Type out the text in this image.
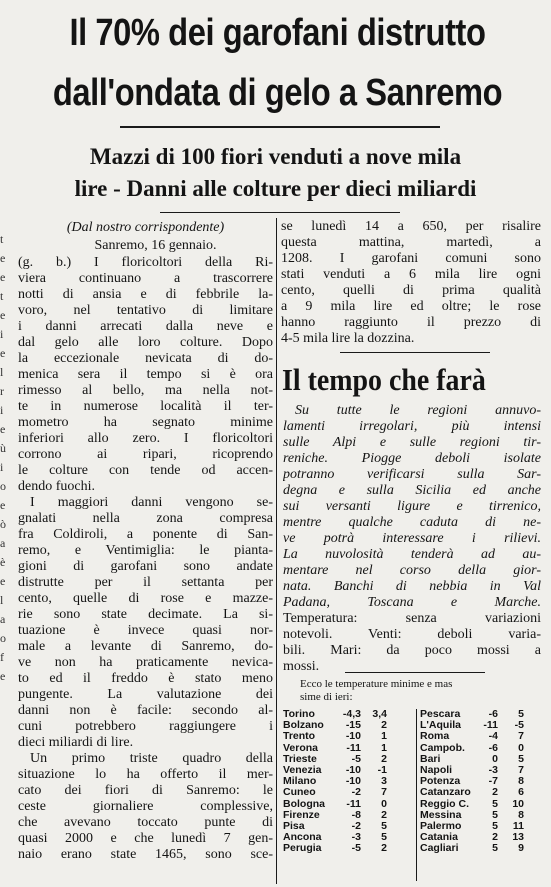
Il 70% dei garofani distrutto
dall'ondata di gelo a Sanremo
Mazzi di 100 fiori venduti a nove mila
lire - Danni alle colture per dieci miliardi
t
e
e
t
e
i
e
l
r
i
e
ù
i
o
e
ò
a
è
e
l
a
o
f
e
(Dal nostro corrispondente)
Sanremo, 16 gennaio.
(g. b.) I floricoltori della Ri-
viera continuano a trascorrere
notti di ansia e di febbrile la-
voro, nel tentativo di limitare
i danni arrecati dalla neve e
dal gelo alle loro colture. Dopo
la eccezionale nevicata di do-
menica sera il tempo si è ora
rimesso al bello, ma nella not-
te in numerose località il ter-
mometro ha segnato minime
inferiori allo zero. I floricoltori
corrono ai ripari, ricoprendo
le colture con tende od accen-
dendo fuochi.
I maggiori danni vengono se-
gnalati nella zona compresa
fra Coldiroli, a ponente di San-
remo, e Ventimiglia: le pianta-
gioni di garofani sono andate
distrutte per il settanta per
cento, quelle di rose e mazze-
rie sono state decimate. La si-
tuazione è invece quasi nor-
male a levante di Sanremo, do-
ve non ha praticamente nevica-
to ed il freddo è stato meno
pungente. La valutazione dei
danni non è facile: secondo al-
cuni potrebbero raggiungere i
dieci miliardi di lire.
Un primo triste quadro della
situazione lo ha offerto il mer-
cato dei fiori di Sanremo: le
ceste giornaliere complessive,
che avevano toccato punte di
quasi 2000 e che lunedì 7 gen-
naio erano state 1465, sono sce-
se lunedì 14 a 650, per risalire
questa mattina, martedì, a
1208. I garofani comuni sono
stati venduti a 6 mila lire ogni
cento, quelli di prima qualità
a 9 mila lire ed oltre; le rose
hanno raggiunto il prezzo di
4-5 mila lire la dozzina.
Il tempo che farà
Su tutte le regioni annuvo-
lamenti irregolari, più intensi
sulle Alpi e sulle regioni tir-
reniche. Piogge deboli isolate
potranno verificarsi sulla Sar-
degna e sulla Sicilia ed anche
sui versanti ligure e tirrenico,
mentre qualche caduta di ne-
ve potrà interessare i rilievi.
La nuvolosità tenderà ad au-
mentare nel corso della gior-
nata. Banchi di nebbia in Val
Padana, Toscana e Marche.
Temperatura: senza variazioni
notevoli. Venti: deboli varia-
bili. Mari: da poco mossi a
mossi.
Ecco le temperature minime e mas
sime di ieri:
Torino	-4,3	3,4
Bolzano	-15	2
Trento	-10	1
Verona	-11	1
Trieste	-5	2
Venezia	-10	-1
Milano	-10	3
Cuneo	-2	7
Bologna	-11	0
Firenze	-8	2
Pisa	-2	5
Ancona	-3	5
Perugia	-5	2
Pescara	-6	5
L'Aquila	-11	-5
Roma	-4	7
Campob.	-6	0
Bari	0	5
Napoli	-3	7
Potenza	-7	8
Catanzaro	2	6
Reggio C.	5	10
Messina	5	8
Palermo	5	11
Catania	2	13
Cagliari	5	9
